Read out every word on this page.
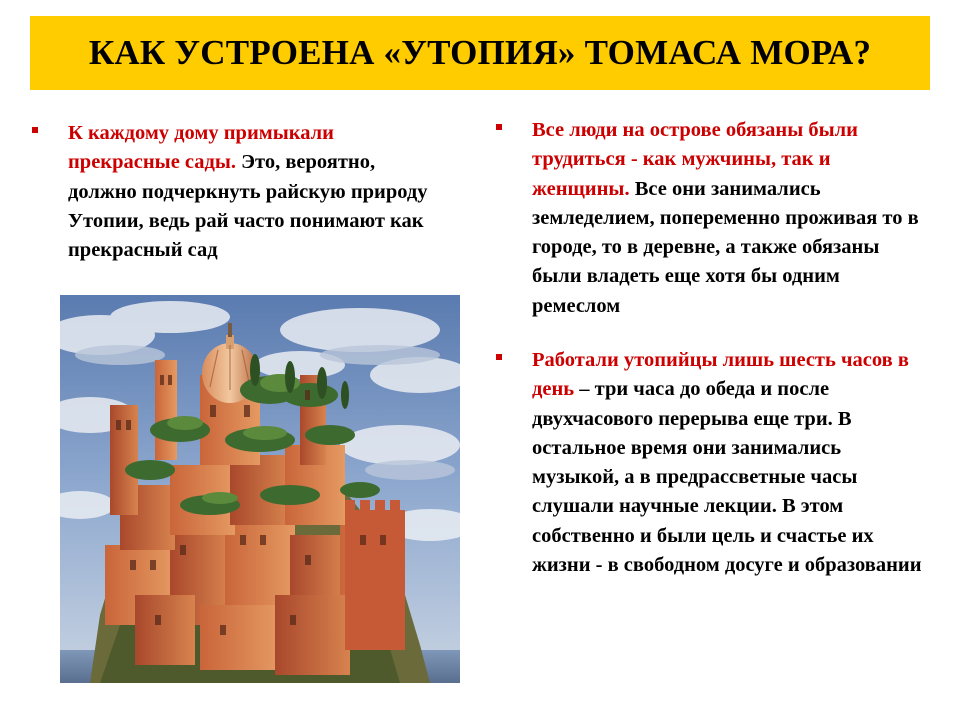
КАК УСТРОЕНА «УТОПИЯ» ТОМАСА МОРА?
К каждому дому примыкали прекрасные сады. Это, вероятно, должно подчеркнуть райскую природу Утопии, ведь рай часто понимают как прекрасный сад
Все люди на острове обязаны были трудиться - как мужчины, так и женщины. Все они занимались земледелием, попеременно проживая то в городе, то в деревне, а также обязаны были владеть еще хотя бы одним ремеслом
Работали утопийцы лишь шесть часов в день – три часа до обеда и после двухчасового перерыва еще три. В остальное время они занимались музыкой, а в предрассветные часы слушали научные лекции. В этом собственно и были цель и счастье их жизни - в свободном досуге и образовании
